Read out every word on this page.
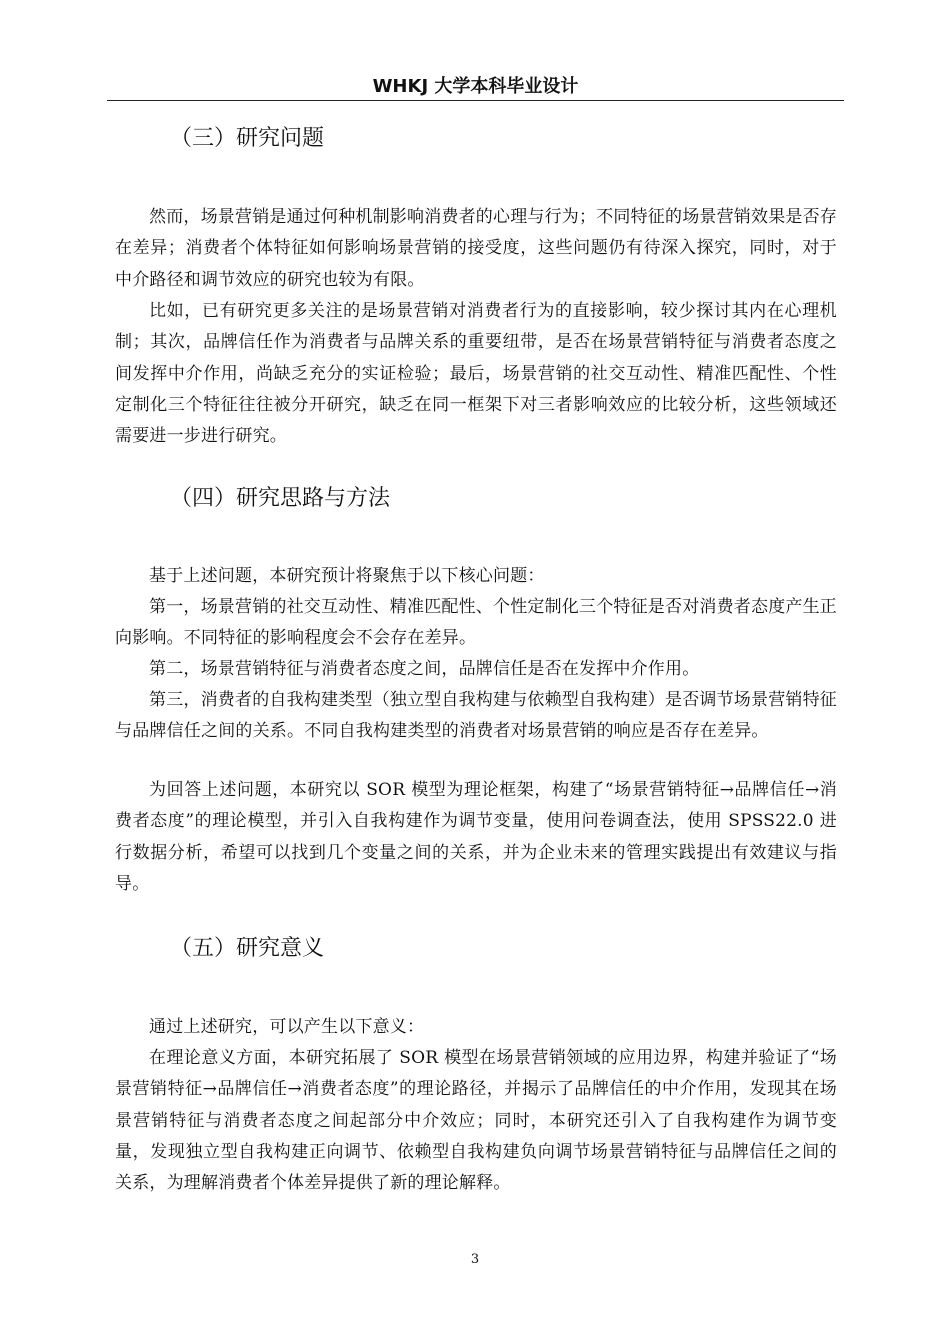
WHKJ 大学本科毕业设计
（三）研究问题

然而，场景营销是通过何种机制影响消费者的心理与行为；不同特征的场景营销效果是否存在差异；消费者个体特征如何影响场景营销的接受度，这些问题仍有待深入探究，同时，对于中介路径和调节效应的研究也较为有限。

比如，已有研究更多关注的是场景营销对消费者行为的直接影响，较少探讨其内在心理机制；其次，品牌信任作为消费者与品牌关系的重要纽带，是否在场景营销特征与消费者态度之间发挥中介作用，尚缺乏充分的实证检验；最后，场景营销的社交互动性、精准匹配性、个性定制化三个特征往往被分开研究，缺乏在同一框架下对三者影响效应的比较分析，这些领域还需要进一步进行研究。

（四）研究思路与方法

基于上述问题，本研究预计将聚焦于以下核心问题：

第一，场景营销的社交互动性、精准匹配性、个性定制化三个特征是否对消费者态度产生正向影响。不同特征的影响程度会不会存在差异。

第二，场景营销特征与消费者态度之间，品牌信任是否在发挥中介作用。

第三，消费者的自我构建类型（独立型自我构建与依赖型自我构建）是否调节场景营销特征与品牌信任之间的关系。不同自我构建类型的消费者对场景营销的响应是否存在差异。

为回答上述问题，本研究以 SOR 模型为理论框架，构建了“场景营销特征→品牌信任→消费者态度”的理论模型，并引入自我构建作为调节变量，使用问卷调查法，使用 SPSS22.0 进行数据分析，希望可以找到几个变量之间的关系，并为企业未来的管理实践提出有效建议与指导。

（五）研究意义

通过上述研究，可以产生以下意义：

在理论意义方面，本研究拓展了 SOR 模型在场景营销领域的应用边界，构建并验证了“场景营销特征→品牌信任→消费者态度”的理论路径，并揭示了品牌信任的中介作用，发现其在场景营销特征与消费者态度之间起部分中介效应；同时，本研究还引入了自我构建作为调节变量，发现独立型自我构建正向调节、依赖型自我构建负向调节场景营销特征与品牌信任之间的关系，为理解消费者个体差异提供了新的理论解释。

3
